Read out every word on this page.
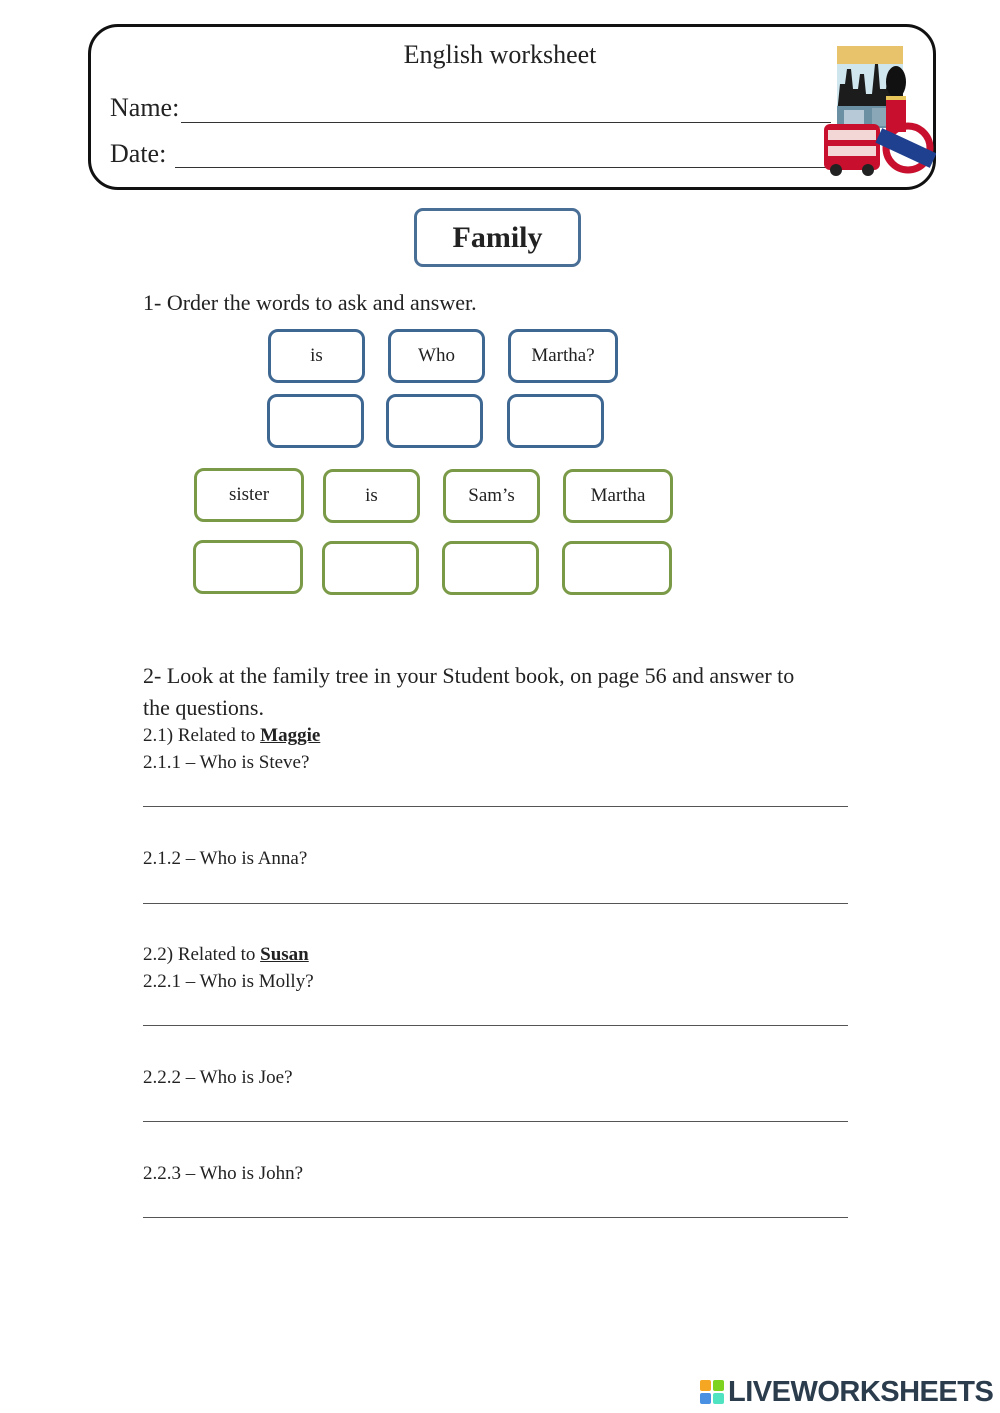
English worksheet
Name:
Date:
Family
1- Order the words to ask and answer.
is	Who	Martha?
sister	is	Sam’s	Martha
2- Look at the family tree in your Student book, on page 56 and answer to
the questions.
2.1) Related to Maggie
2.1.1 – Who is Steve?
2.1.2 – Who is Anna?
2.2) Related to Susan
2.2.1 – Who is Molly?
2.2.2 – Who is Joe?
2.2.3 – Who is John?
LIVEWORKSHEETS
